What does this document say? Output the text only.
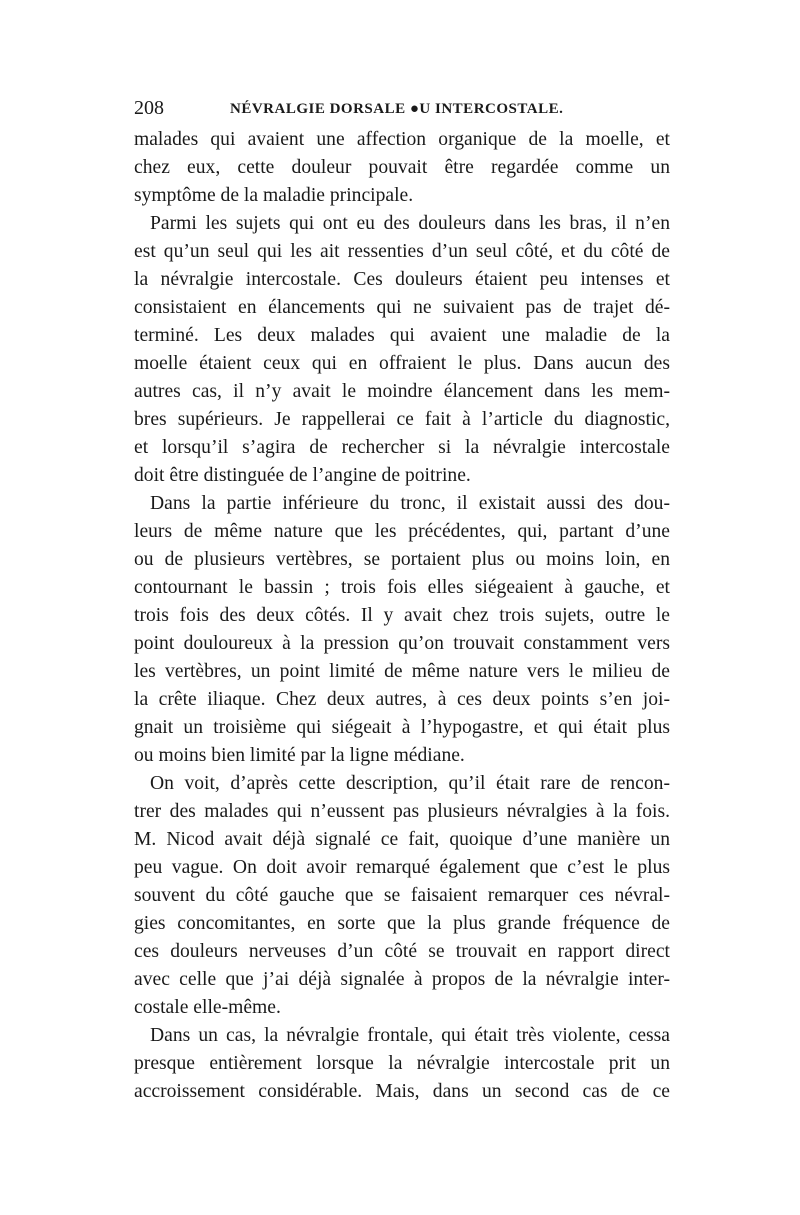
208	NÉVRALGIE DORSALE ●U INTERCOSTALE.
malades qui avaient une affection organique de la moelle, et
chez eux, cette douleur pouvait être regardée comme un
symptôme de la maladie principale.
Parmi les sujets qui ont eu des douleurs dans les bras, il n’en
est qu’un seul qui les ait ressenties d’un seul côté, et du côté de
la névralgie intercostale. Ces douleurs étaient peu intenses et
consistaient en élancements qui ne suivaient pas de trajet dé-
terminé. Les deux malades qui avaient une maladie de la
moelle étaient ceux qui en offraient le plus. Dans aucun des
autres cas, il n’y avait le moindre élancement dans les mem-
bres supérieurs. Je rappellerai ce fait à l’article du diagnostic,
et lorsqu’il s’agira de rechercher si la névralgie intercostale
doit être distinguée de l’angine de poitrine.
Dans la partie inférieure du tronc, il existait aussi des dou-
leurs de même nature que les précédentes, qui, partant d’une
ou de plusieurs vertèbres, se portaient plus ou moins loin, en
contournant le bassin ; trois fois elles siégeaient à gauche, et
trois fois des deux côtés. Il y avait chez trois sujets, outre le
point douloureux à la pression qu’on trouvait constamment vers
les vertèbres, un point limité de même nature vers le milieu de
la crête iliaque. Chez deux autres, à ces deux points s’en joi-
gnait un troisième qui siégeait à l’hypogastre, et qui était plus
ou moins bien limité par la ligne médiane.
On voit, d’après cette description, qu’il était rare de rencon-
trer des malades qui n’eussent pas plusieurs névralgies à la fois.
M. Nicod avait déjà signalé ce fait, quoique d’une manière un
peu vague. On doit avoir remarqué également que c’est le plus
souvent du côté gauche que se faisaient remarquer ces névral-
gies concomitantes, en sorte que la plus grande fréquence de
ces douleurs nerveuses d’un côté se trouvait en rapport direct
avec celle que j’ai déjà signalée à propos de la névralgie inter-
costale elle-même.
Dans un cas, la névralgie frontale, qui était très violente, cessa
presque entièrement lorsque la névralgie intercostale prit un
accroissement considérable. Mais, dans un second cas de ce
